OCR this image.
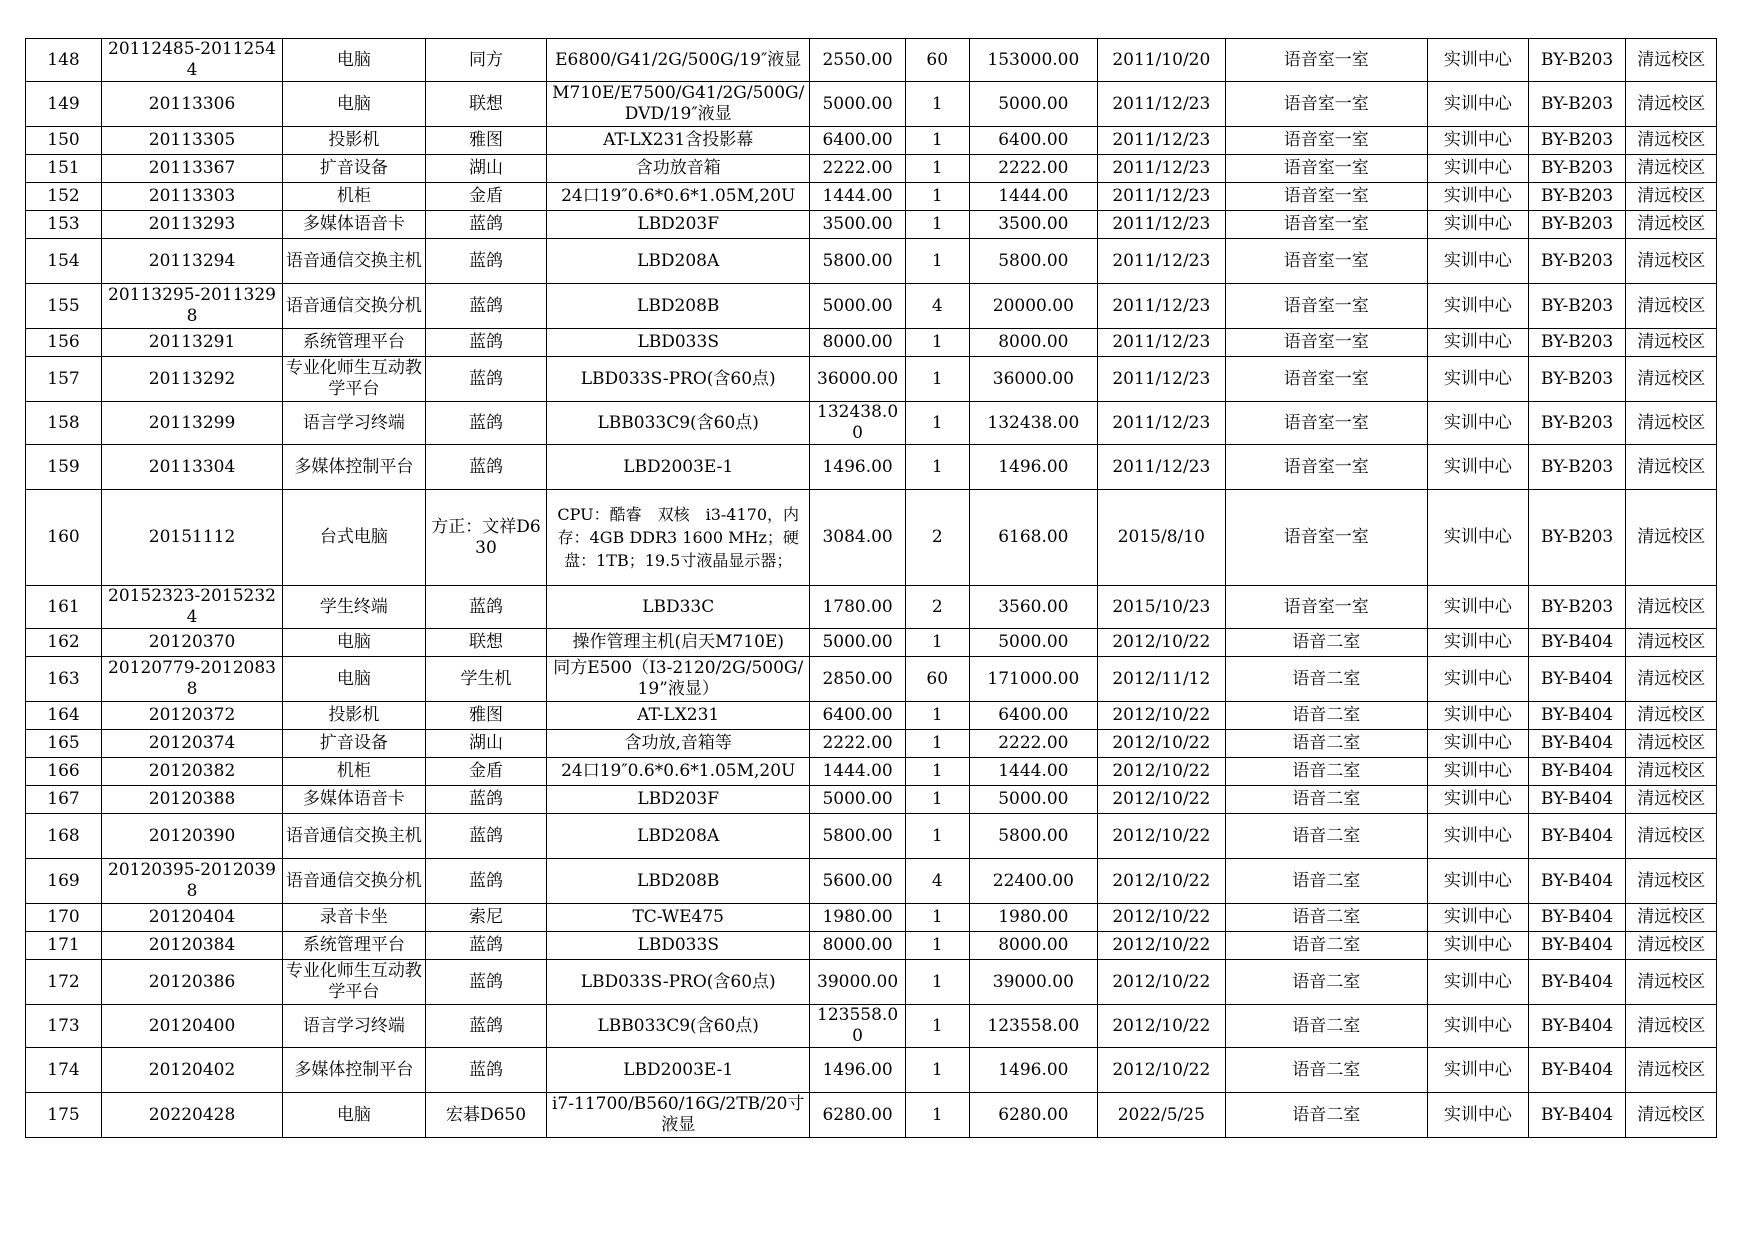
148	20112485-20112544	电脑	同方	E6800/G41/2G/500G/19″液显	2550.00	60	153000.00	2011/10/20	语音室一室	实训中心	BY-B203	清远校区
149	20113306	电脑	联想	M710E/E7500/G41/2G/500G/DVD/19″液显	5000.00	1	5000.00	2011/12/23	语音室一室	实训中心	BY-B203	清远校区
150	20113305	投影机	雅图	AT-LX231含投影幕	6400.00	1	6400.00	2011/12/23	语音室一室	实训中心	BY-B203	清远校区
151	20113367	扩音设备	湖山	含功放音箱	2222.00	1	2222.00	2011/12/23	语音室一室	实训中心	BY-B203	清远校区
152	20113303	机柜	金盾	24口19″0.6*0.6*1.05M,20U	1444.00	1	1444.00	2011/12/23	语音室一室	实训中心	BY-B203	清远校区
153	20113293	多媒体语音卡	蓝鸽	LBD203F	3500.00	1	3500.00	2011/12/23	语音室一室	实训中心	BY-B203	清远校区
154	20113294	语音通信交换主机	蓝鸽	LBD208A	5800.00	1	5800.00	2011/12/23	语音室一室	实训中心	BY-B203	清远校区
155	20113295-20113298	语音通信交换分机	蓝鸽	LBD208B	5000.00	4	20000.00	2011/12/23	语音室一室	实训中心	BY-B203	清远校区
156	20113291	系统管理平台	蓝鸽	LBD033S	8000.00	1	8000.00	2011/12/23	语音室一室	实训中心	BY-B203	清远校区
157	20113292	专业化师生互动教学平台	蓝鸽	LBD033S-PRO(含60点)	36000.00	1	36000.00	2011/12/23	语音室一室	实训中心	BY-B203	清远校区
158	20113299	语言学习终端	蓝鸽	LBB033C9(含60点)	132438.00	1	132438.00	2011/12/23	语音室一室	实训中心	BY-B203	清远校区
159	20113304	多媒体控制平台	蓝鸽	LBD2003E-1	1496.00	1	1496.00	2011/12/23	语音室一室	实训中心	BY-B203	清远校区
160	20151112	台式电脑	方正：文祥D630	CPU：酷睿　双核　i3-4170，内存：4GB DDR3 1600 MHz；硬盘：1TB；19.5寸液晶显示器；	3084.00	2	6168.00	2015/8/10	语音室一室	实训中心	BY-B203	清远校区
161	20152323-20152324	学生终端	蓝鸽	LBD33C	1780.00	2	3560.00	2015/10/23	语音室一室	实训中心	BY-B203	清远校区
162	20120370	电脑	联想	操作管理主机(启天M710E)	5000.00	1	5000.00	2012/10/22	语音二室	实训中心	BY-B404	清远校区
163	20120779-20120838	电脑	学生机	同方E500（I3-2120/2G/500G/19”液显）	2850.00	60	171000.00	2012/11/12	语音二室	实训中心	BY-B404	清远校区
164	20120372	投影机	雅图	AT-LX231	6400.00	1	6400.00	2012/10/22	语音二室	实训中心	BY-B404	清远校区
165	20120374	扩音设备	湖山	含功放,音箱等	2222.00	1	2222.00	2012/10/22	语音二室	实训中心	BY-B404	清远校区
166	20120382	机柜	金盾	24口19″0.6*0.6*1.05M,20U	1444.00	1	1444.00	2012/10/22	语音二室	实训中心	BY-B404	清远校区
167	20120388	多媒体语音卡	蓝鸽	LBD203F	5000.00	1	5000.00	2012/10/22	语音二室	实训中心	BY-B404	清远校区
168	20120390	语音通信交换主机	蓝鸽	LBD208A	5800.00	1	5800.00	2012/10/22	语音二室	实训中心	BY-B404	清远校区
169	20120395-20120398	语音通信交换分机	蓝鸽	LBD208B	5600.00	4	22400.00	2012/10/22	语音二室	实训中心	BY-B404	清远校区
170	20120404	录音卡坐	索尼	TC-WE475	1980.00	1	1980.00	2012/10/22	语音二室	实训中心	BY-B404	清远校区
171	20120384	系统管理平台	蓝鸽	LBD033S	8000.00	1	8000.00	2012/10/22	语音二室	实训中心	BY-B404	清远校区
172	20120386	专业化师生互动教学平台	蓝鸽	LBD033S-PRO(含60点)	39000.00	1	39000.00	2012/10/22	语音二室	实训中心	BY-B404	清远校区
173	20120400	语言学习终端	蓝鸽	LBB033C9(含60点)	123558.00	1	123558.00	2012/10/22	语音二室	实训中心	BY-B404	清远校区
174	20120402	多媒体控制平台	蓝鸽	LBD2003E-1	1496.00	1	1496.00	2012/10/22	语音二室	实训中心	BY-B404	清远校区
175	20220428	电脑	宏碁D650	i7-11700/B560/16G/2TB/20寸液显	6280.00	1	6280.00	2022/5/25	语音二室	实训中心	BY-B404	清远校区
